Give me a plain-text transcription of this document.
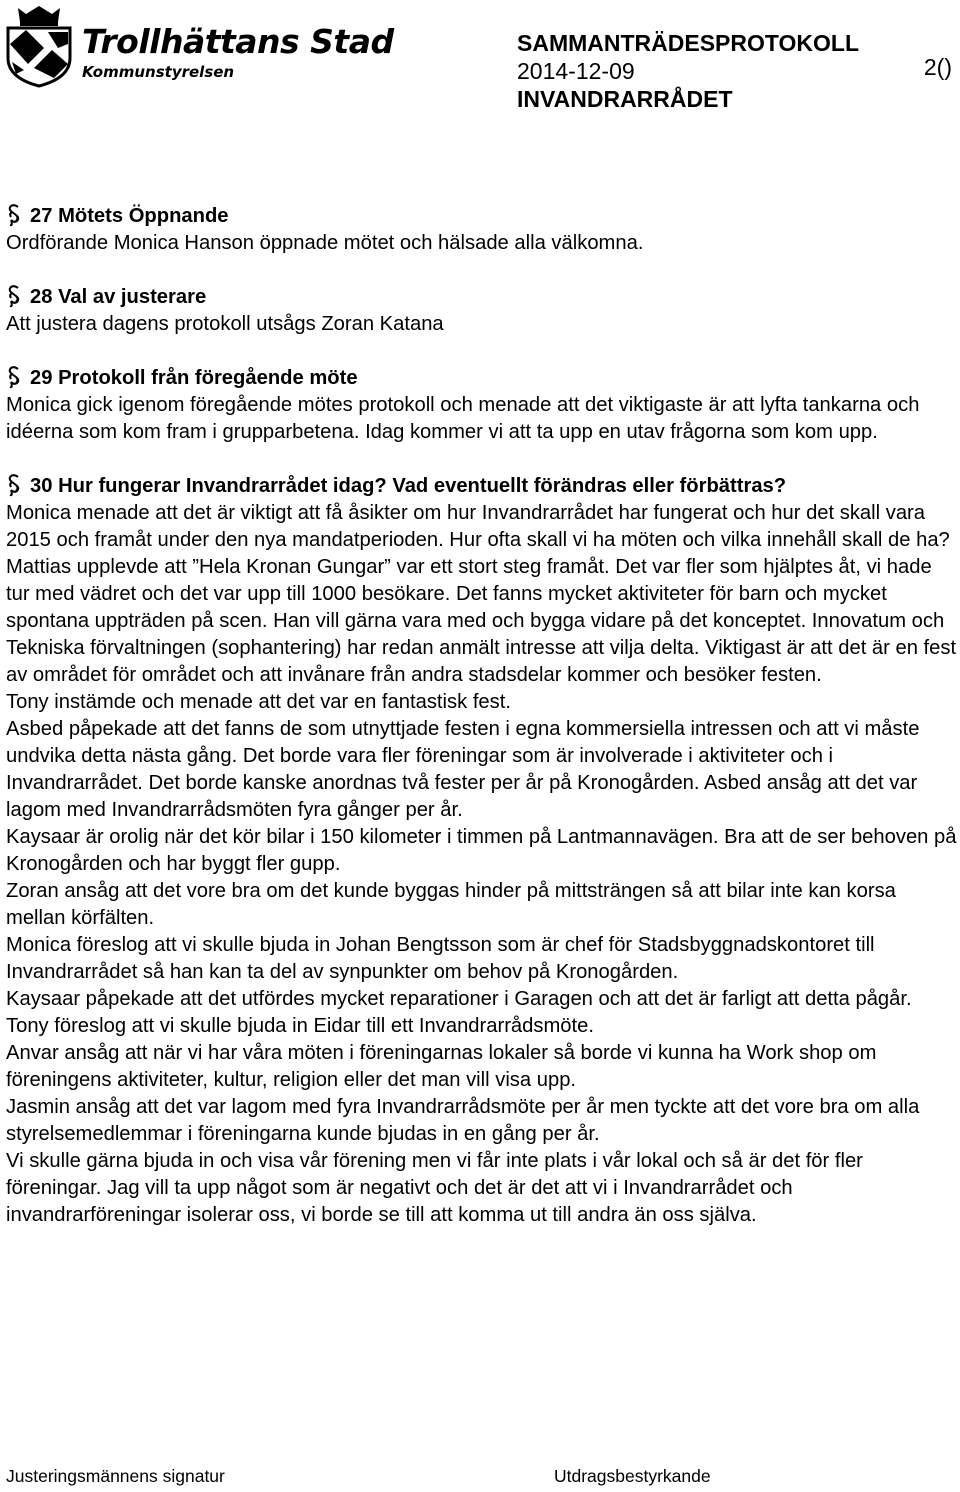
Trollhättans Stad
Kommunstyrelsen
SAMMANTRÄDESPROTOKOLL
2014-12-09
INVANDRARRÅDET
2()

27 Mötets Öppnande

Ordförande Monica Hanson öppnade mötet och hälsade alla välkomna.

28 Val av justerare

Att justera dagens protokoll utsågs Zoran Katana

29 Protokoll från föregående möte

Monica gick igenom föregående mötes protokoll och menade att det viktigaste är att lyfta tankarna och idéerna som kom fram i grupparbetena. Idag kommer vi att ta upp en utav frågorna som kom upp.

30 Hur fungerar Invandrarrådet idag? Vad eventuellt förändras eller förbättras?

Monica menade att det är viktigt att få åsikter om hur Invandrarrådet har fungerat och hur det skall vara 2015 och framåt under den nya mandatperioden. Hur ofta skall vi ha möten och vilka innehåll skall de ha?

Mattias upplevde att ”Hela Kronan Gungar” var ett stort steg framåt. Det var fler som hjälptes åt, vi hade tur med vädret och det var upp till 1000 besökare. Det fanns mycket aktiviteter för barn och mycket spontana uppträden på scen. Han vill gärna vara med och bygga vidare på det konceptet. Innovatum och Tekniska förvaltningen (sophantering) har redan anmält intresse att vilja delta. Viktigast är att det är en fest av området för området och att invånare från andra stadsdelar kommer och besöker festen.

Tony instämde och menade att det var en fantastisk fest.

Asbed påpekade att det fanns de som utnyttjade festen i egna kommersiella intressen och att vi måste undvika detta nästa gång. Det borde vara fler föreningar som är involverade i aktiviteter och i Invandrarrådet. Det borde kanske anordnas två fester per år på Kronogården. Asbed ansåg att det var lagom med Invandrarrådsmöten fyra gånger per år.

Kaysaar är orolig när det kör bilar i 150 kilometer i timmen på Lantmannavägen. Bra att de ser behoven på Kronogården och har byggt fler gupp.

Zoran ansåg att det vore bra om det kunde byggas hinder på mittsträngen så att bilar inte kan korsa mellan körfälten.

Monica föreslog att vi skulle bjuda in Johan Bengtsson som är chef för Stadsbyggnadskontoret till Invandrarrådet så han kan ta del av synpunkter om behov på Kronogården.

Kaysaar påpekade att det utfördes mycket reparationer i Garagen och att det är farligt att detta pågår.

Tony föreslog att vi skulle bjuda in Eidar till ett Invandrarrådsmöte.

Anvar ansåg att när vi har våra möten i föreningarnas lokaler så borde vi kunna ha Work shop om föreningens aktiviteter, kultur, religion eller det man vill visa upp.

Jasmin ansåg att det var lagom med fyra Invandrarrådsmöte per år men tyckte att det vore bra om alla styrelsemedlemmar i föreningarna kunde bjudas in en gång per år.

Vi skulle gärna bjuda in och visa vår förening men vi får inte plats i vår lokal och så är det för fler föreningar. Jag vill ta upp något som är negativt och det är det att vi i Invandrarrådet och invandrarföreningar isolerar oss, vi borde se till att komma ut till andra än oss själva.

Justeringsmännens signatur	Utdragsbestyrkande
